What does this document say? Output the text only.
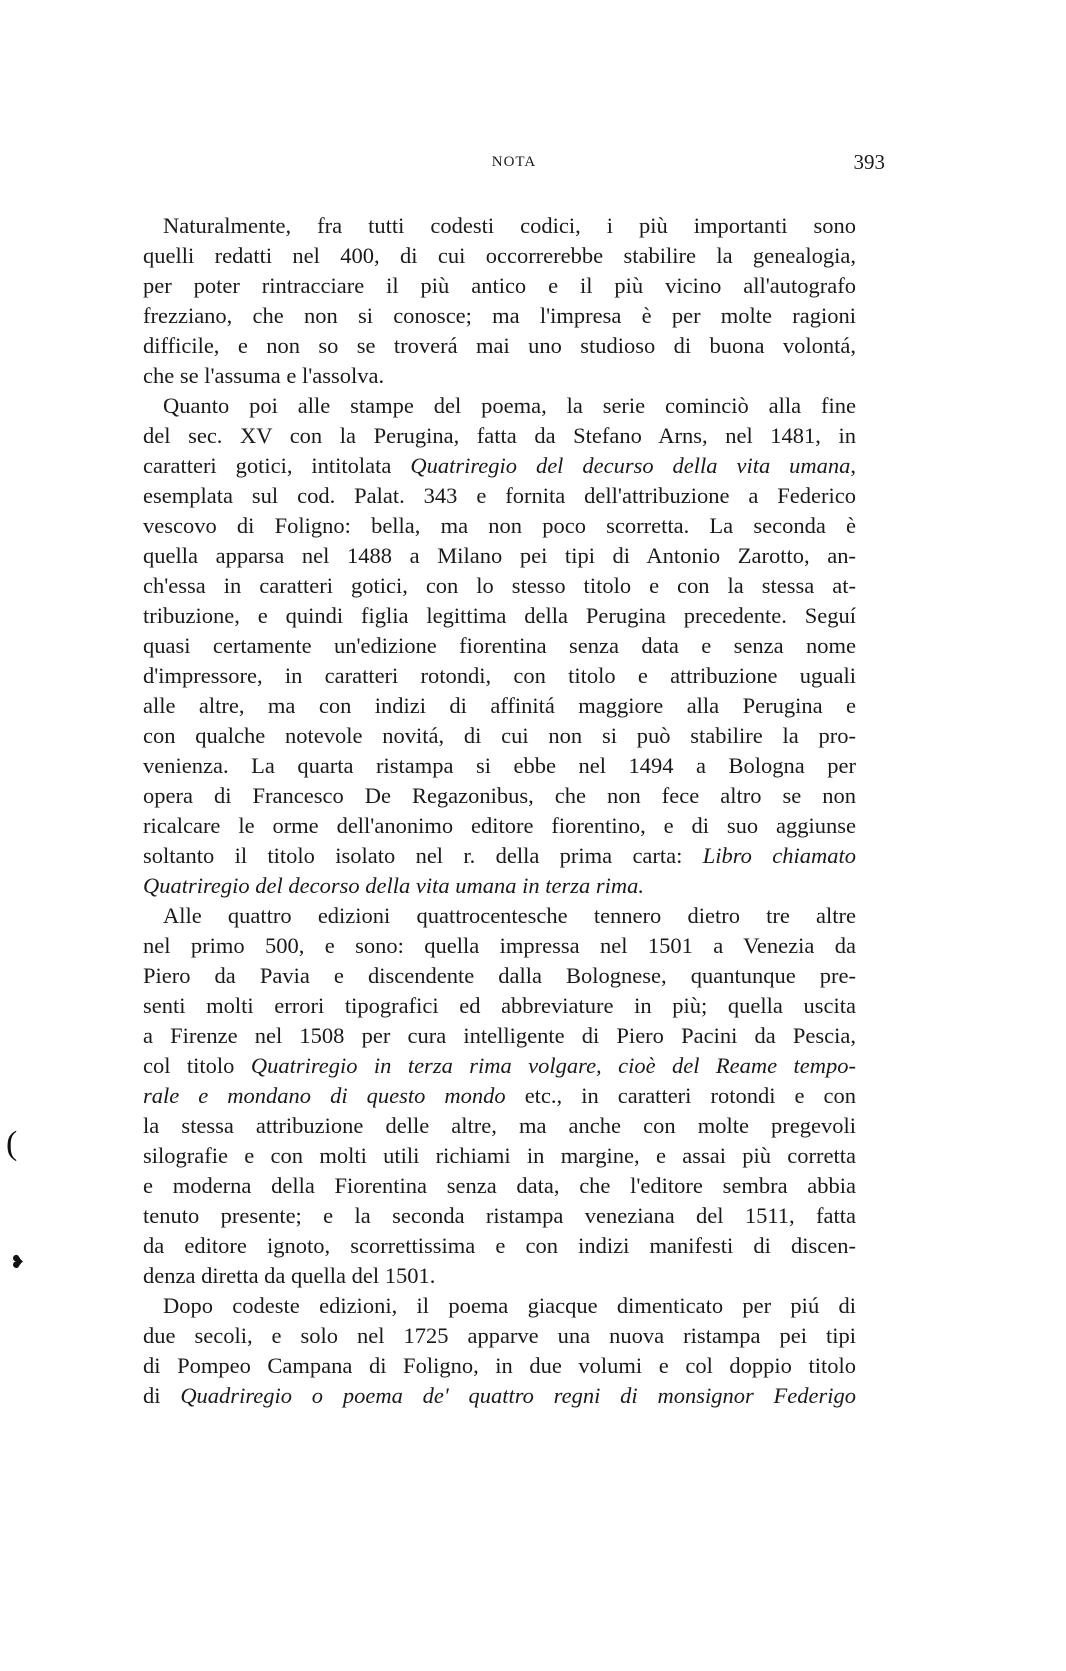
NOTA	393
Naturalmente, fra tutti codesti codici, i più importanti sono
quelli redatti nel 400, di cui occorrerebbe stabilire la genealogia,
per poter rintracciare il più antico e il più vicino all'autografo
frezziano, che non si conosce; ma l'impresa è per molte ragioni
difficile, e non so se troverá mai uno studioso di buona volontá,
che se l'assuma e l'assolva.
Quanto poi alle stampe del poema, la serie cominciò alla fine
del sec. XV con la Perugina, fatta da Stefano Arns, nel 1481, in
caratteri gotici, intitolata Quatriregio del decurso della vita umana,
esemplata sul cod. Palat. 343 e fornita dell'attribuzione a Federico
vescovo di Foligno: bella, ma non poco scorretta. La seconda è
quella apparsa nel 1488 a Milano pei tipi di Antonio Zarotto, an-
ch'essa in caratteri gotici, con lo stesso titolo e con la stessa at-
tribuzione, e quindi figlia legittima della Perugina precedente. Seguí
quasi certamente un'edizione fiorentina senza data e senza nome
d'impressore, in caratteri rotondi, con titolo e attribuzione uguali
alle altre, ma con indizi di affinitá maggiore alla Perugina e
con qualche notevole novitá, di cui non si può stabilire la pro-
venienza. La quarta ristampa si ebbe nel 1494 a Bologna per
opera di Francesco De Regazonibus, che non fece altro se non
ricalcare le orme dell'anonimo editore fiorentino, e di suo aggiunse
soltanto il titolo isolato nel r. della prima carta: Libro chiamato
Quatriregio del decorso della vita umana in terza rima.
Alle quattro edizioni quattrocentesche tennero dietro tre altre
nel primo 500, e sono: quella impressa nel 1501 a Venezia da
Piero da Pavia e discendente dalla Bolognese, quantunque pre-
senti molti errori tipografici ed abbreviature in più; quella uscita
a Firenze nel 1508 per cura intelligente di Piero Pacini da Pescia,
col titolo Quatriregio in terza rima volgare, cioè del Reame tempo-
rale e mondano di questo mondo etc., in caratteri rotondi e con
la stessa attribuzione delle altre, ma anche con molte pregevoli
silografie e con molti utili richiami in margine, e assai più corretta
e moderna della Fiorentina senza data, che l'editore sembra abbia
tenuto presente; e la seconda ristampa veneziana del 1511, fatta
da editore ignoto, scorrettissima e con indizi manifesti di discen-
denza diretta da quella del 1501.
Dopo codeste edizioni, il poema giacque dimenticato per piú di
due secoli, e solo nel 1725 apparve una nuova ristampa pei tipi
di Pompeo Campana di Foligno, in due volumi e col doppio titolo
di Quadriregio o poema de' quattro regni di monsignor Federigo
(
❥
